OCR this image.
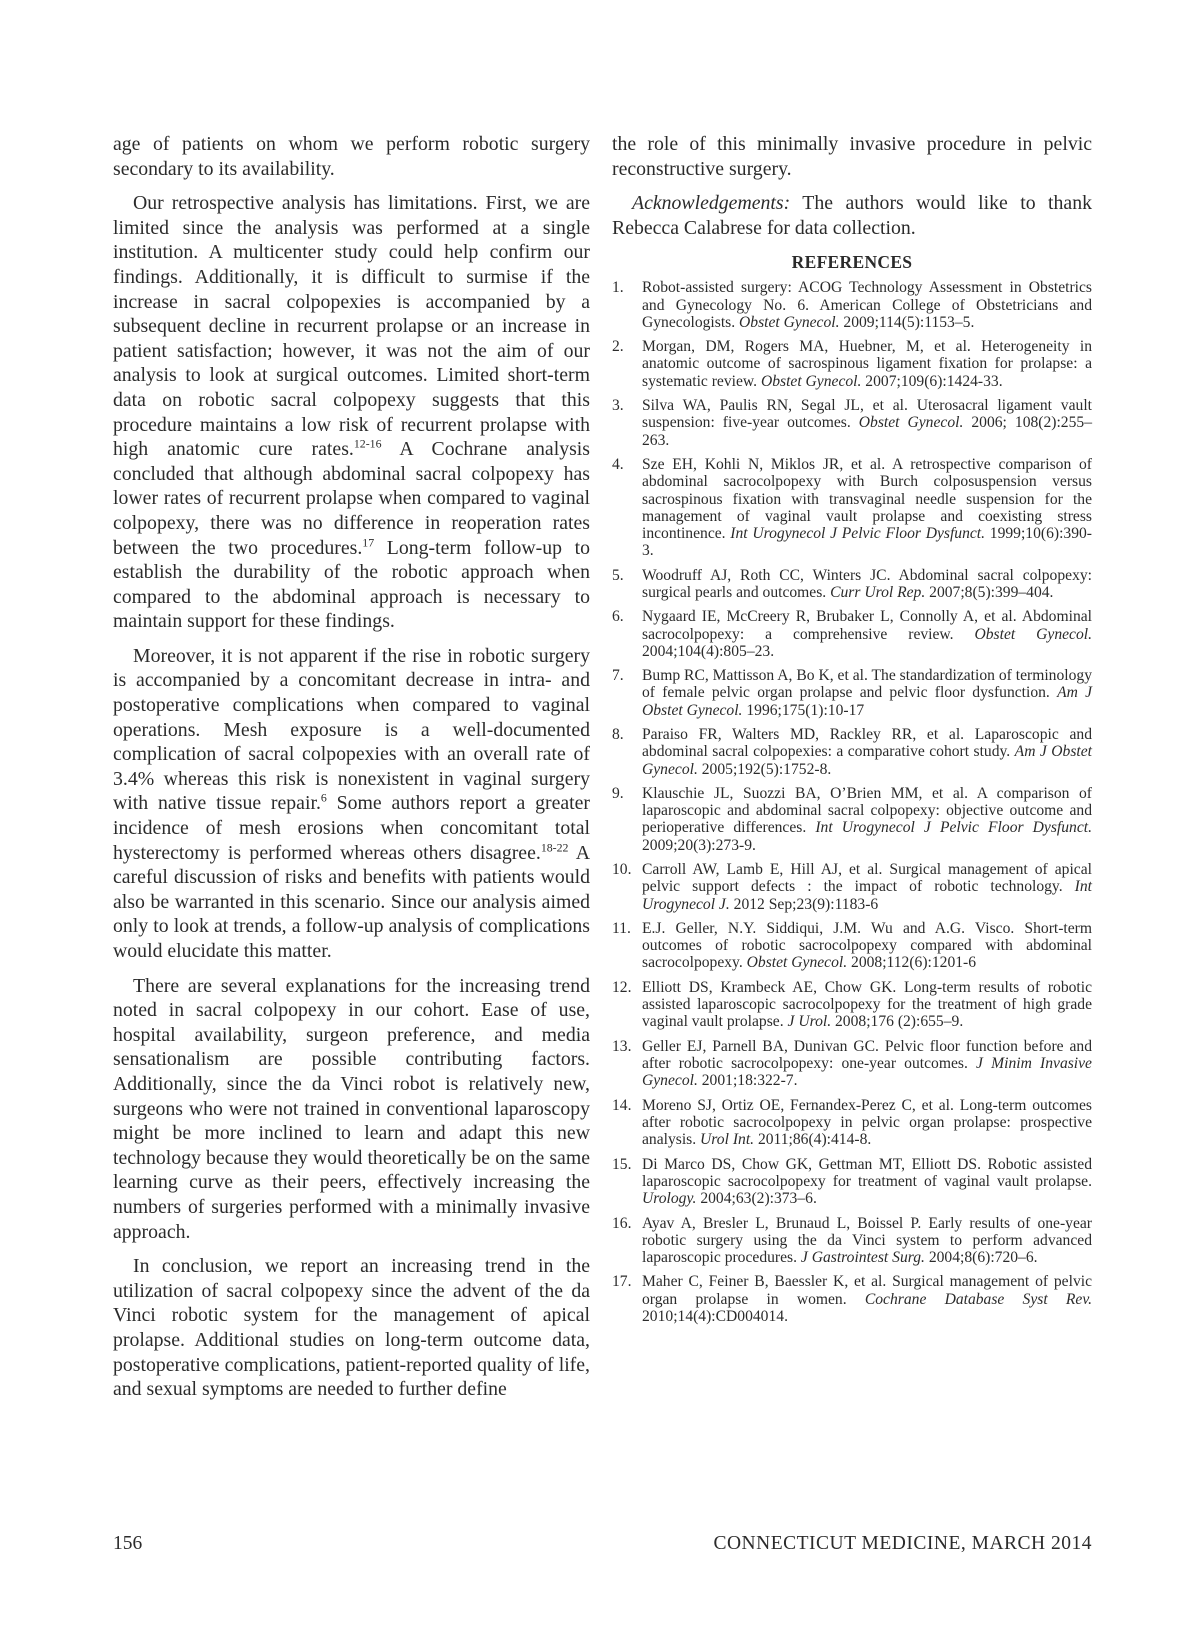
age of patients on whom we perform robotic surgery secondary to its availability.

Our retrospective analysis has limitations. First, we are limited since the analysis was performed at a single institution. A multicenter study could help confirm our findings. Additionally, it is difficult to surmise if the increase in sacral colpopexies is accompanied by a subsequent decline in recurrent prolapse or an increase in patient satisfaction; however, it was not the aim of our analysis to look at surgical outcomes. Limited short-term data on robotic sacral colpopexy suggests that this procedure maintains a low risk of recurrent prolapse with high anatomic cure rates.$^{12-16}$ A Cochrane analysis concluded that although abdominal sacral colpopexy has lower rates of recurrent prolapse when compared to vaginal colpopexy, there was no difference in reoperation rates between the two procedures.$^{17}$ Long-term follow-up to establish the durability of the robotic approach when compared to the abdominal approach is necessary to maintain support for these findings.

Moreover, it is not apparent if the rise in robotic surgery is accompanied by a concomitant decrease in intra- and postoperative complications when compared to vaginal operations. Mesh exposure is a well-documented complication of sacral colpopexies with an overall rate of 3.4% whereas this risk is nonexistent in vaginal surgery with native tissue repair.$^6$ Some authors report a greater incidence of mesh erosions when concomitant total hysterectomy is performed whereas others disagree.$^{18-22}$ A careful discussion of risks and benefits with patients would also be warranted in this scenario. Since our analysis aimed only to look at trends, a follow-up analysis of complications would elucidate this matter.

There are several explanations for the increasing trend noted in sacral colpopexy in our cohort. Ease of use, hospital availability, surgeon preference, and media sensationalism are possible contributing factors. Additionally, since the da Vinci robot is relatively new, surgeons who were not trained in conventional laparoscopy might be more inclined to learn and adapt this new technology because they would theoretically be on the same learning curve as their peers, effectively increasing the numbers of surgeries performed with a minimally invasive approach.

In conclusion, we report an increasing trend in the utilization of sacral colpopexy since the advent of the da Vinci robotic system for the management of apical prolapse. Additional studies on long-term outcome data, postoperative complications, patient-reported quality of life, and sexual symptoms are needed to further define

the role of this minimally invasive procedure in pelvic reconstructive surgery.

Acknowledgements: The authors would like to thank Rebecca Calabrese for data collection.

REFERENCES
1.	Robot-assisted surgery: ACOG Technology Assessment in Obstetrics and Gynecology No. 6. American College of Obstetricians and Gynecologists. Obstet Gynecol. 2009;114(5):1153–5.
2.	Morgan, DM, Rogers MA, Huebner, M, et al. Heterogeneity in anatomic outcome of sacrospinous ligament fixation for prolapse: a systematic review. Obstet Gynecol. 2007;109(6):1424-33.
3.	Silva WA, Paulis RN, Segal JL, et al. Uterosacral ligament vault suspension: five-year outcomes. Obstet Gynecol. 2006; 108(2):255–263.
4.	Sze EH, Kohli N, Miklos JR, et al. A retrospective comparison of abdominal sacrocolpopexy with Burch colposuspension versus sacrospinous fixation with transvaginal needle suspension for the management of vaginal vault prolapse and coexisting stress incontinence. Int Urogynecol J Pelvic Floor Dysfunct. 1999;10(6):390-3.
5.	Woodruff AJ, Roth CC, Winters JC. Abdominal sacral colpopexy: surgical pearls and outcomes. Curr Urol Rep. 2007;8(5):399–404.
6.	Nygaard IE, McCreery R, Brubaker L, Connolly A, et al. Abdominal sacrocolpopexy: a comprehensive review. Obstet Gynecol. 2004;104(4):805–23.
7.	Bump RC, Mattisson A, Bo K, et al. The standardization of terminology of female pelvic organ prolapse and pelvic floor dysfunction. Am J Obstet Gynecol. 1996;175(1):10-17
8.	Paraiso FR, Walters MD, Rackley RR, et al. Laparoscopic and abdominal sacral colpopexies: a comparative cohort study. Am J Obstet Gynecol. 2005;192(5):1752-8.
9.	Klauschie JL, Suozzi BA, O’Brien MM, et al. A comparison of laparoscopic and abdominal sacral colpopexy: objective outcome and perioperative differences. Int Urogynecol J Pelvic Floor Dysfunct. 2009;20(3):273-9.
10. Carroll AW, Lamb E, Hill AJ, et al. Surgical management of apical pelvic support defects : the impact of robotic technology. Int Urogynecol J. 2012 Sep;23(9):1183-6
11. E.J. Geller, N.Y. Siddiqui, J.M. Wu and A.G. Visco. Short-term outcomes of robotic sacrocolpopexy compared with abdominal sacrocolpopexy. Obstet Gynecol. 2008;112(6):1201-6
12. Elliott DS, Krambeck AE, Chow GK. Long-term results of robotic assisted laparoscopic sacrocolpopexy for the treatment of high grade vaginal vault prolapse. J Urol. 2008;176 (2):655–9.
13. Geller EJ, Parnell BA, Dunivan GC. Pelvic floor function before and after robotic sacrocolpopexy: one-year outcomes. J Minim Invasive Gynecol. 2001;18:322-7.
14. Moreno SJ, Ortiz OE, Fernandex-Perez C, et al. Long-term outcomes after robotic sacrocolpopexy in pelvic organ prolapse: prospective analysis. Urol Int. 2011;86(4):414-8.
15. Di Marco DS, Chow GK, Gettman MT, Elliott DS. Robotic assisted laparoscopic sacrocolpopexy for treatment of vaginal vault prolapse. Urology. 2004;63(2):373–6.
16. Ayav A, Bresler L, Brunaud L, Boissel P. Early results of one-year robotic surgery using the da Vinci system to perform advanced laparoscopic procedures. J Gastrointest Surg. 2004;8(6):720–6.
17. Maher C, Feiner B, Baessler K, et al. Surgical management of pelvic organ prolapse in women. Cochrane Database Syst Rev. 2010;14(4):CD004014.
156	CONNECTICUT MEDICINE, MARCH 2014
